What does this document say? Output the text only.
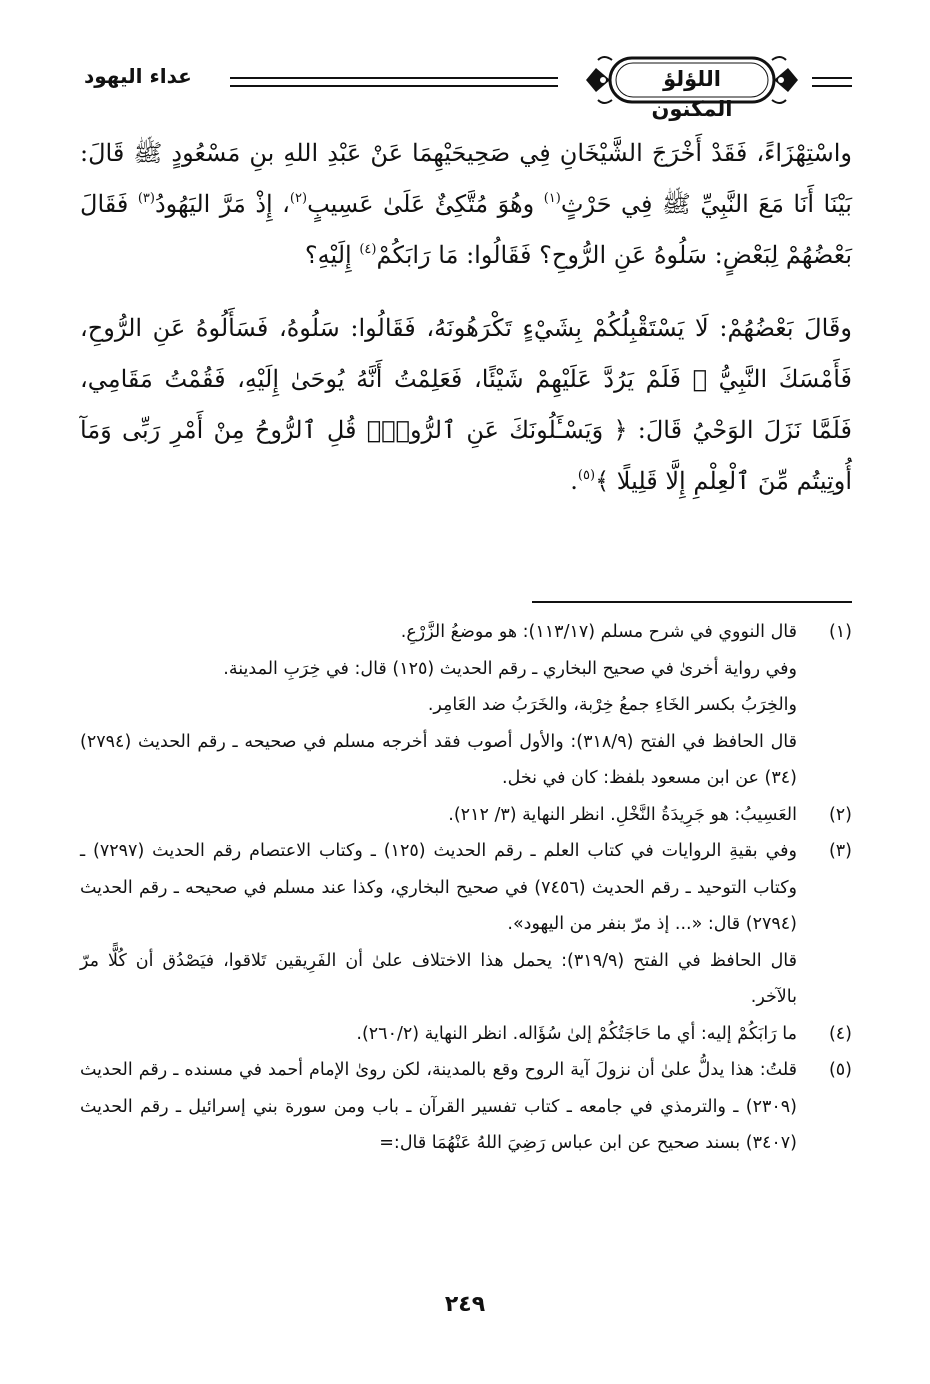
اللؤلؤ المكنون
عداء اليهود

واسْتِهْزَاءً، فَقَدْ أَخْرَجَ الشَّيْخَانِ فِي صَحِيحَيْهِمَا عَنْ عَبْدِ اللهِ بنِ مَسْعُودٍ ﷺ قَالَ: بَيْنَا أَنَا مَعَ النَّبِيِّ ﷺ فِي حَرْثٍ$^{(١)}$ وهُوَ مُتَّكِئٌ عَلَىٰ عَسِيبٍ$^{(٢)}$، إِذْ مَرَّ اليَهُودُ$^{(٣)}$ فَقَالَ بَعْضُهُمْ لِبَعْضٍ: سَلُوهُ عَنِ الرُّوحِ؟ فَقَالُوا: مَا رَابَكُمْ$^{(٤)}$ إِلَيْهِ؟

وقَالَ بَعْضُهُمْ: لَا يَسْتَقْبِلُكُمْ بِشَيْءٍ تَكْرَهُونَهُ، فَقَالُوا: سَلُوهُ، فَسَأَلُوهُ عَنِ الرُّوحِ، فَأَمْسَكَ النَّبِيُّ ﷺ فَلَمْ يَرُدَّ عَلَيْهِمْ شَيْئًا، فَعَلِمْتُ أَنَّهُ يُوحَىٰ إِلَيْهِ، فَقُمْتُ مَقَامِي، فَلَمَّا نَزَلَ الوَحْيُ قَالَ: ﴿ وَيَسْـَٔلُونَكَ عَنِ ٱلرُّوحِۖ قُلِ ٱلرُّوحُ مِنْ أَمْرِ رَبِّى وَمَآ أُوتِيتُم مِّنَ ٱلْعِلْمِ إِلَّا قَلِيلًا ﴾$^{(٥)}$.

(١)
قال النووي في شرح مسلم (١١٣/١٧): هو موضعُ الزَّرْعِ.
وفي رواية أخرىٰ في صحيح البخاري ـ رقم الحديث (١٢٥) قال: في خِرَبِ المدينة.
والخِرَبُ بكسر الخَاءِ جمعُ خِرْبة، والخَرَبُ ضد العَامِر.
قال الحافظ في الفتح (٣١٨/٩): والأول أصوب فقد أخرجه مسلم في صحيحه ـ رقم الحديث (٢٧٩٤) (٣٤) عن ابن مسعود بلفظ: كان في نخل.
(٢)
العَسِيبُ: هو جَرِيدَةُ النَّخْلِ. انظر النهاية (٣/ ٢١٢).
(٣)
وفي بقيةِ الروايات في كتاب العلم ـ رقم الحديث (١٢٥) ـ وكتاب الاعتصام رقم الحديث (٧٢٩٧) ـ وكتاب التوحيد ـ رقم الحديث (٧٤٥٦) في صحيح البخاري، وكذا عند مسلم في صحيحه ـ رقم الحديث (٢٧٩٤) قال: «... إذ مرّ بنفر من اليهود».
قال الحافظ في الفتح (٣١٩/٩): يحمل هذا الاختلاف علىٰ أن الفَرِيقين تَلاقوا، فيَصْدُق أن كُلًّا مرّ بالآخر.
(٤)
ما رَابَكُمْ إليه: أي ما حَاجَتُكُمْ إلىٰ سُؤَاله. انظر النهاية (٢٦٠/٢).
(٥)
قلتُ: هذا يدلُّ علىٰ أن نزولَ آية الروح وقع بالمدينة، لكن روىٰ الإمام أحمد في مسنده ـ رقم الحديث (٢٣٠٩) ـ والترمذي في جامعه ـ كتاب تفسير القرآن ـ باب ومن سورة بني إسرائيل ـ رقم الحديث (٣٤٠٧) بسند صحيح عن ابن عباس رَضِيَ اللهُ عَنْهُمَا قال:=
٢٤٩
